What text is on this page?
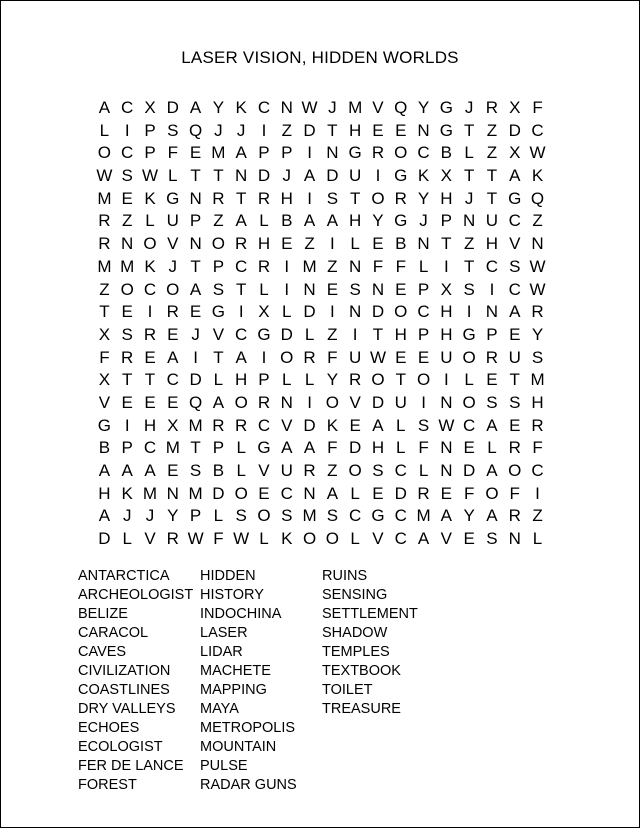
LASER VISION, HIDDEN WORLDS
A C X D A Y K C N W J M V Q Y G J R X F
L I P S Q J J I Z D T H E E N G T Z D C
O C P F E M A P P I N G R O C B L Z X W
W S W L T T N D J A D U I G K X T T A K
M E K G N R T R H I S T O R Y H J T G Q
R Z L U P Z A L B A A H Y G J P N U C Z
R N O V N O R H E Z I L E B N T Z H V N
M M K J T P C R I M Z N F F L I T C S W
Z O C O A S T L I N E S N E P X S I C W
T E I R E G I X L D I N D O C H I N A R
X S R E J V C G D L Z I T H P H G P E Y
F R E A I T A I O R F U W E E U O R U S
X T T C D L H P L L Y R O T O I L E T M
V E E E Q A O R N I O V D U I N O S S H
G I H X M R R C V D K E A L S W C A E R
B P C M T P L G A A F D H L F N E L R F
A A A E S B L V U R Z O S C L N D A O C
H K M N M D O E C N A L E D R E F O F I
A J J Y P L S O S M S C G C M A Y A R Z
D L V R W F W L K O O L V C A V E S N L
ANTARCTICA
ARCHEOLOGIST
BELIZE
CARACOL
CAVES
CIVILIZATION
COASTLINES
DRY VALLEYS
ECHOES
ECOLOGIST
FER DE LANCE
FOREST
HIDDEN
HISTORY
INDOCHINA
LASER
LIDAR
MACHETE
MAPPING
MAYA
METROPOLIS
MOUNTAIN
PULSE
RADAR GUNS
RUINS
SENSING
SETTLEMENT
SHADOW
TEMPLES
TEXTBOOK
TOILET
TREASURE
